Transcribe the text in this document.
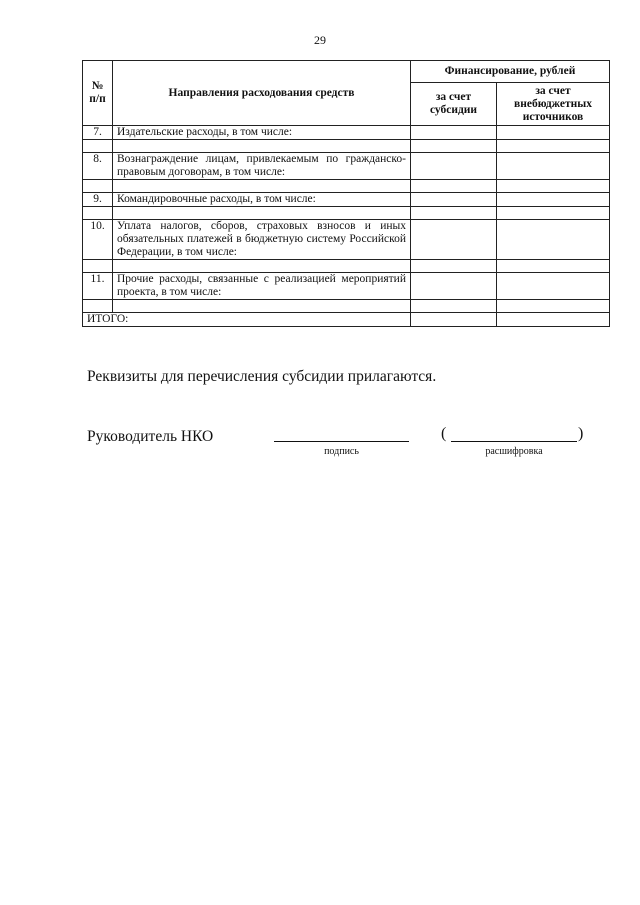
29
№ п/п	Направления расходования средств	Финансирование, рублей	
		за счет субсидии	за счет внебюджетных источников
7.	Издательские расходы, в том числе:		

8.	Вознаграждение лицам, привлекаемым по гражданско-правовым договорам, в том числе:		

9.	Командировочные расходы, в том числе:		

10.	Уплата налогов, сборов, страховых взносов и иных обязательных платежей в бюджетную систему Российской Федерации, в том числе:		

11.	Прочие расходы, связанные с реализацией мероприятий проекта, в том числе:		

ИТОГО:			
Реквизиты для перечисления субсидии прилагаются.
Руководитель НКО
подпись
(	)
расшифровка
